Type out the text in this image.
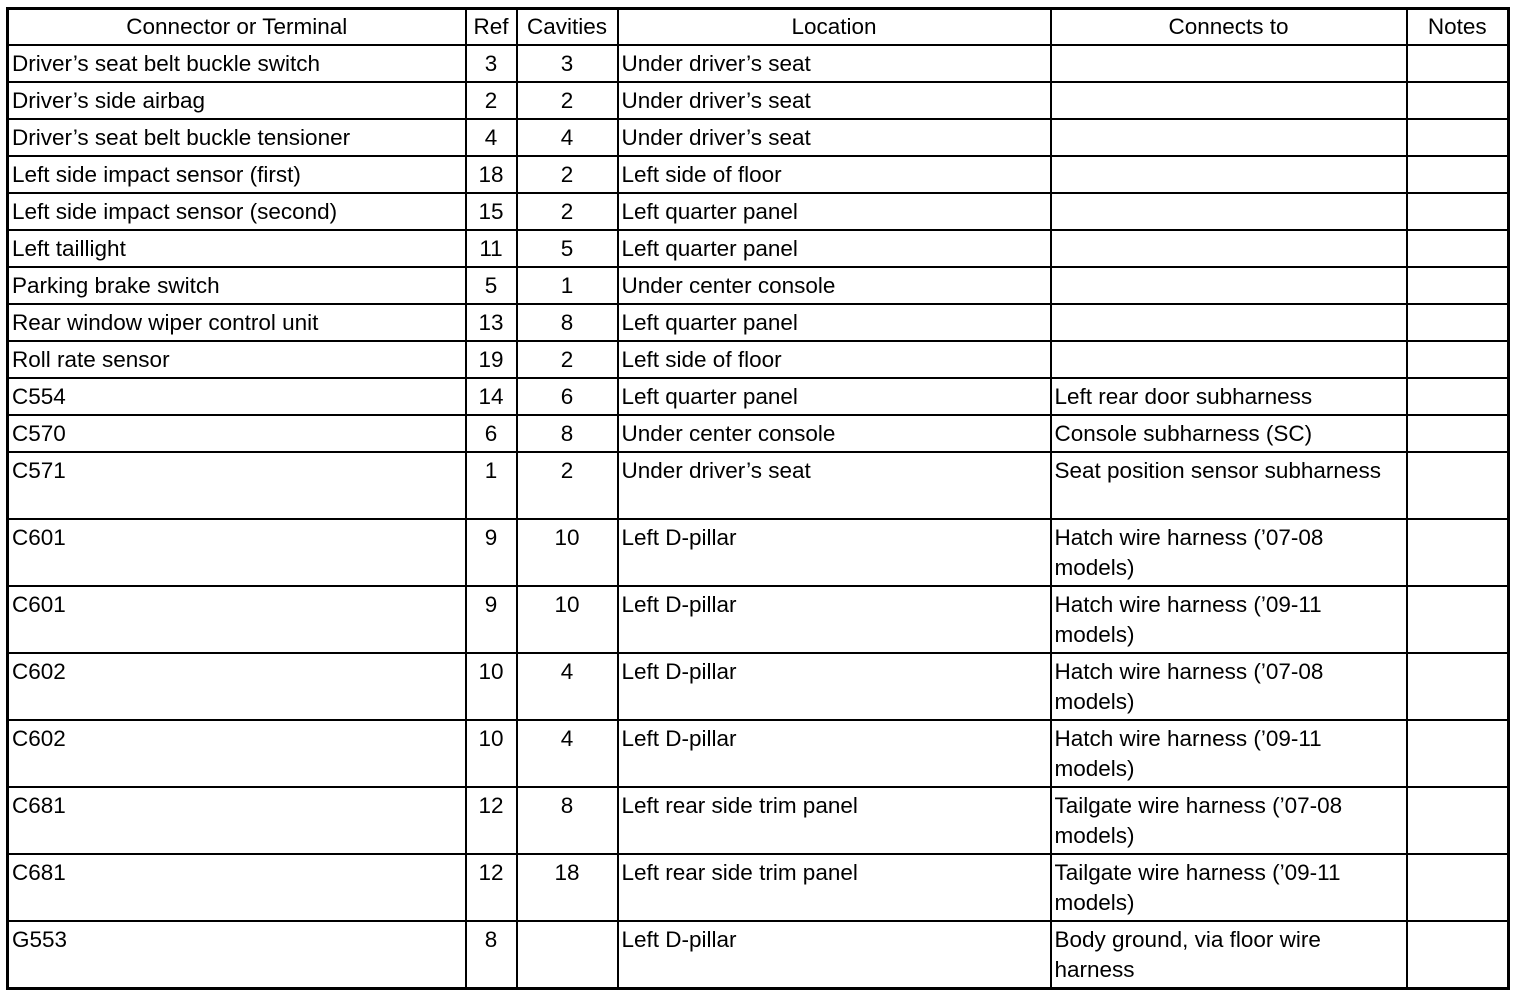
Connector or Terminal	Ref	Cavities	Location	Connects to	Notes
Driver’s seat belt buckle switch	3	3	Under driver’s seat		
Driver’s side airbag	2	2	Under driver’s seat		
Driver’s seat belt buckle tensioner	4	4	Under driver’s seat		
Left side impact sensor (first)	18	2	Left side of floor		
Left side impact sensor (second)	15	2	Left quarter panel		
Left taillight	11	5	Left quarter panel		
Parking brake switch	5	1	Under center console		
Rear window wiper control unit	13	8	Left quarter panel		
Roll rate sensor	19	2	Left side of floor		
C554	14	6	Left quarter panel	Left rear door subharness	
C570	6	8	Under center console	Console subharness (SC)	
C571	1	2	Under driver’s seat	Seat position sensor subharness	
C601	9	10	Left D-pillar	Hatch wire harness (’07-08 models)	
C601	9	10	Left D-pillar	Hatch wire harness (’09-11 models)	
C602	10	4	Left D-pillar	Hatch wire harness (’07-08 models)	
C602	10	4	Left D-pillar	Hatch wire harness (’09-11 models)	
C681	12	8	Left rear side trim panel	Tailgate wire harness (’07-08 models)	
C681	12	18	Left rear side trim panel	Tailgate wire harness (’09-11 models)	
G553	8		Left D-pillar	Body ground, via floor wire harness	
